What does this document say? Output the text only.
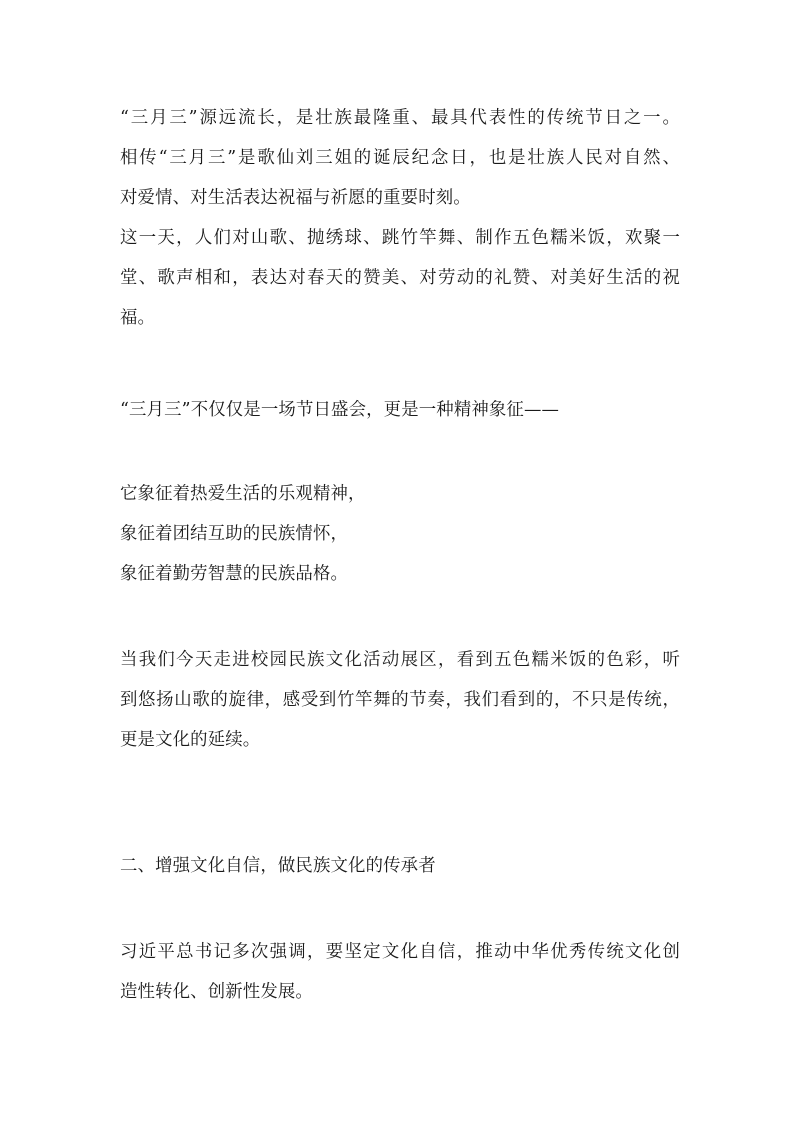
“三月三”源远流长，是壮族最隆重、最具代表性的传统节日之一。
相传“三月三”是歌仙刘三姐的诞辰纪念日，也是壮族人民对自然、
对爱情、对生活表达祝福与祈愿的重要时刻。
这一天，人们对山歌、抛绣球、跳竹竿舞、制作五色糯米饭，欢聚一
堂、歌声相和，表达对春天的赞美、对劳动的礼赞、对美好生活的祝
福。
“三月三”不仅仅是一场节日盛会，更是一种精神象征——
它象征着热爱生活的乐观精神，
象征着团结互助的民族情怀，
象征着勤劳智慧的民族品格。
当我们今天走进校园民族文化活动展区，看到五色糯米饭的色彩，听
到悠扬山歌的旋律，感受到竹竿舞的节奏，我们看到的，不只是传统，
更是文化的延续。
二、增强文化自信，做民族文化的传承者
习近平总书记多次强调，要坚定文化自信，推动中华优秀传统文化创
造性转化、创新性发展。
